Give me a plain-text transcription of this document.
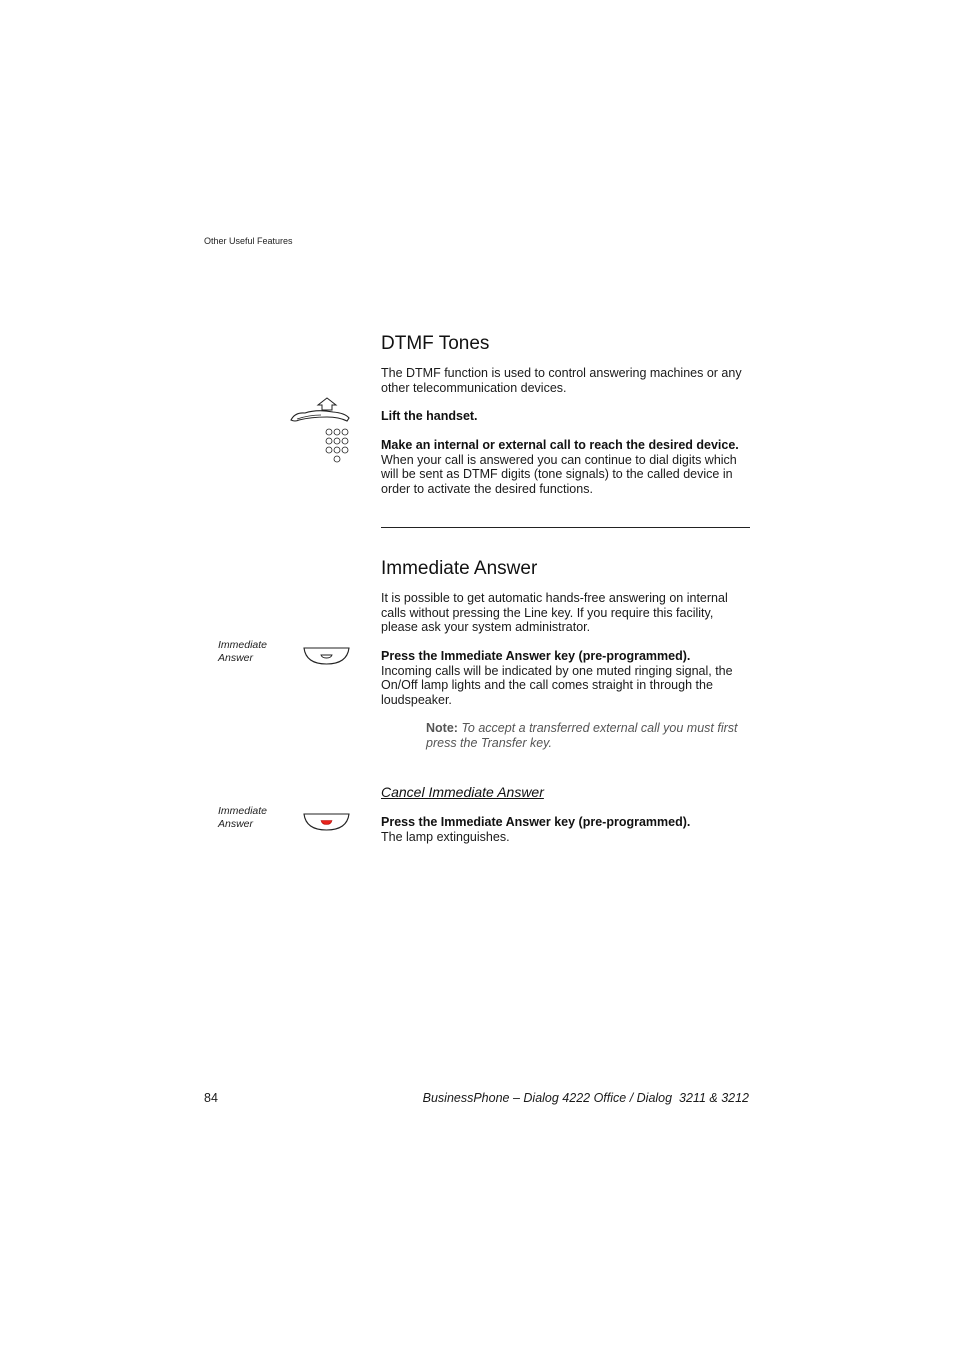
Other Useful Features
DTMF Tones
The DTMF function is used to control answering machines or any other telecommunication devices.
Lift the handset.
Make an internal or external call to reach the desired device.
When your call is answered you can continue to dial digits which will be sent as DTMF digits (tone signals) to the called device in order to activate the desired functions.
Immediate Answer
It is possible to get automatic hands-free answering on internal calls without pressing the Line key. If you require this facility, please ask your system administrator.
Immediate
Answer	Press the Immediate Answer key (pre-programmed).
Incoming calls will be indicated by one muted ringing signal, the On/Off lamp lights and the call comes straight in through the loudspeaker.
Note: To accept a transferred external call you must first press the Transfer key.
Cancel Immediate Answer
Immediate
Answer	Press the Immediate Answer key (pre-programmed).
The lamp extinguishes.
84	BusinessPhone – Dialog 4222 Office / Dialog  3211 & 3212
